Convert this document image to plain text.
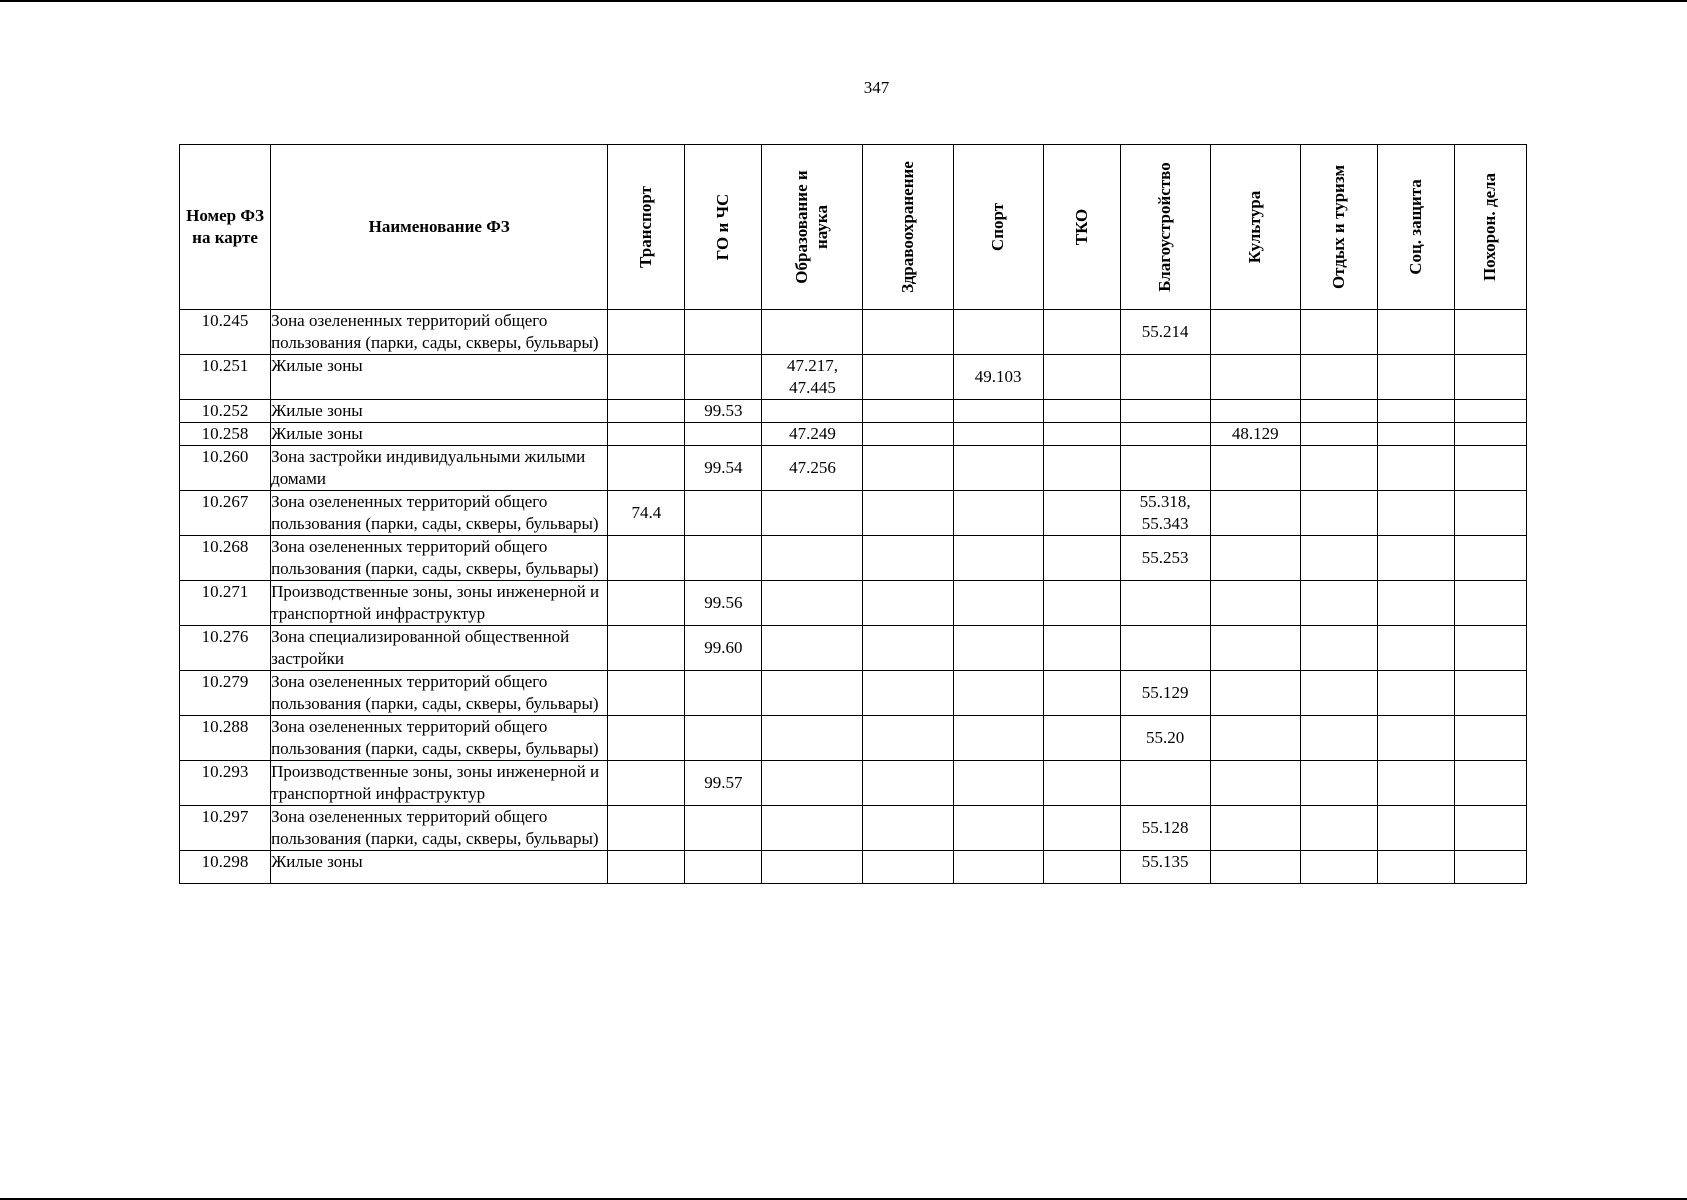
347
Номер ФЗ на карте	Наименование ФЗ	Транспорт	ГО и ЧС	Образование и наука	Здравоохранение	Спорт	ТКО	Благоустройство	Культура	Отдых и туризм	Соц. защита	Похорон. дела

10.245	Зона озелененных территорий общего пользования (парки, сады, скверы, бульвары)							55.214				
10.251	Жилые зоны			47.217, 47.445		49.103						
10.252	Жилые зоны		99.53									
10.258	Жилые зоны			47.249					48.129			
10.260	Зона застройки индивидуальными жилыми домами		99.54	47.256								
10.267	Зона озелененных территорий общего пользования (парки, сады, скверы, бульвары)	74.4						55.318, 55.343				
10.268	Зона озелененных территорий общего пользования (парки, сады, скверы, бульвары)							55.253				
10.271	Производственные зоны, зоны инженерной и транспортной инфраструктур		99.56									
10.276	Зона специализированной общественной застройки		99.60									
10.279	Зона озелененных территорий общего пользования (парки, сады, скверы, бульвары)							55.129				
10.288	Зона озелененных территорий общего пользования (парки, сады, скверы, бульвары)							55.20				
10.293	Производственные зоны, зоны инженерной и транспортной инфраструктур		99.57									
10.297	Зона озелененных территорий общего пользования (парки, сады, скверы, бульвары)							55.128				
10.298	Жилые зоны							55.135				
